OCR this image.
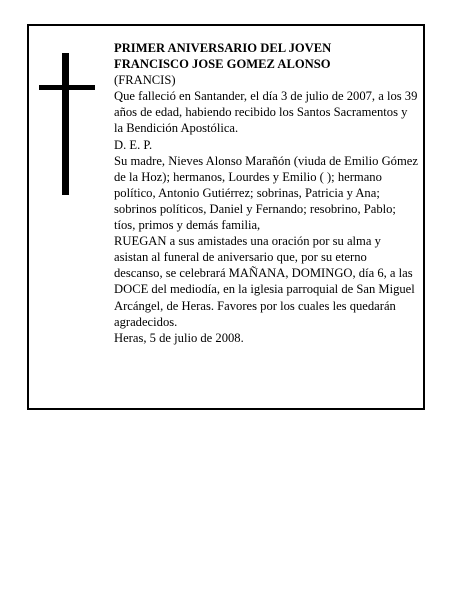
PRIMER ANIVERSARIO DEL JOVEN

FRANCISCO JOSE GOMEZ ALONSO

(FRANCIS)

Que falleció en Santander, el día 3 de julio de 2007, a los 39 años de edad, habiendo recibido los Santos Sacramentos y la Bendición Apostólica.

D. E. P.

Su madre, Nieves Alonso Marañón (viuda de Emilio Gómez de la Hoz); hermanos, Lourdes y Emilio ( ); hermano político, Antonio Gutiérrez; sobrinas, Patricia y Ana; sobrinos políticos, Daniel y Fernando; resobrino, Pablo; tíos, primos y demás familia,

RUEGAN a sus amistades una oración por su alma y asistan al funeral de aniversario que, por su eterno descanso, se celebrará MAÑANA, DOMINGO, día 6, a las DOCE del mediodía, en la iglesia parroquial de San Miguel Arcángel, de Heras. Favores por los cuales les quedarán agradecidos.

Heras, 5 de julio de 2008.
